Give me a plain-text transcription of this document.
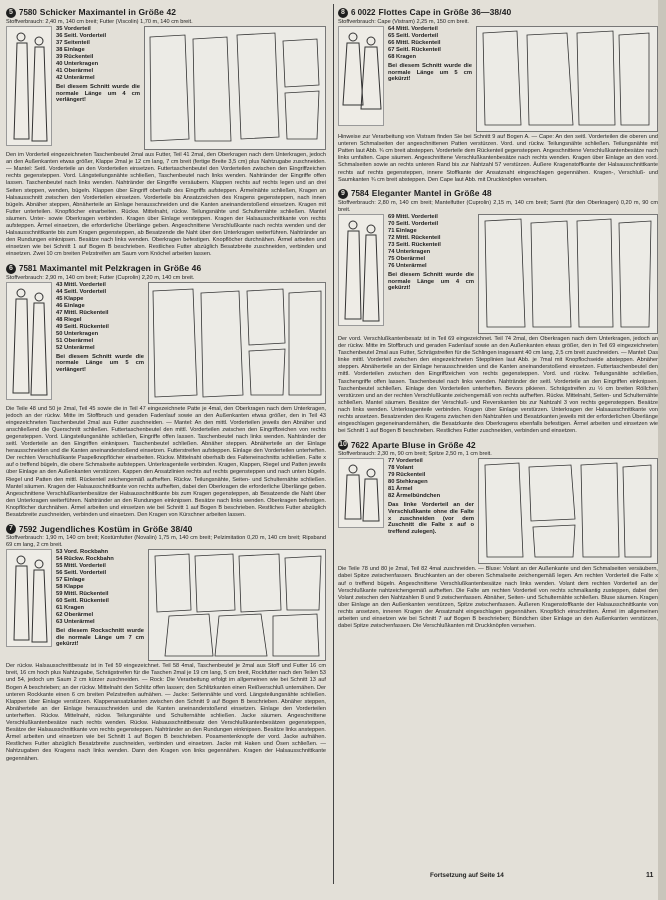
5 7580 Schicker Maximantel in Größe 42
Stoffverbrauch: 2,40 m, 140 cm breit; Futter (Viscolin) 1,70 m, 140 cm breit.
35 Vorderteil
36 Seitl. Vorderteil
37 Seitenteil
38 Einlage
39 Rückenteil
40 Unterkragen
41 Oberärmel
42 Unterärmel
Bei diesem Schnitt wurde die normale Länge um 4 cm verlängert!
Den im Vorderteil eingezeichneten Taschenbeutel 2mal aus Futter, Teil 41 2mal, den Oberkragen nach dem Unterkragen, jedoch an den Außenkanten etwas größer, Klappe 2mal je 12 cm lang, 7 cm breit (fertige Breite 3,5 cm) plus Nahtzugabe zuschneiden. — Mantel: Seitl. Vorderteile an den Vorderteilen einsetzen. Futtertaschenbeutel den Vorderteilen zwischen den Eingriffzeichen rechts gegensteppen. Vord. Längsteilungsnähte schließen, Taschenbeutel nach links wenden. Nahtränder der Eingriffe offen lassen. Taschenbeutel nach links wenden. Nahtränder der Eingriffe versäubern. Klappen rechts auf rechts legen und an drei Seiten steppen, wenden, bügeln. Klappen über Eingriff oberhalb des Eingriffs aufsteppen. Ärmelnähte schließen, Kragen an Halsausschnitt zwischen den Vorderteilen einsetzen. Vorderteile bis Ansatzzeichen des Kragens gegensteppen, nach innen bügeln. Abnäher steppen, Abnäherteile an Einlage herausschneiden und die Kanten aneinanderstoßend einsetzen. Kragen mit Futter unterteilen. Knopflöcher einarbeiten. Rückw. Mittelnaht, rückw. Teilungsnähte und Schulternähte schließen. Mantel säumen. Unter- sowie Oberkragen verbinden. Kragen über Einlage versteppen. Kragen der Halsausschnittkante von rechts aufsteppen. Ärmel einsetzen, die erforderliche Überlänge geben. Angeschnittene Verschlußkante nach rechts wenden und der Halsausschnittkante bis zum Kragen gegensteppen, ab Besatzende die Naht über den Unterkragen weiterführen. Nahtränder an den Rundungen einknipsen. Besätze nach links wenden. Oberkragen befestigen. Knopflöcher durchnähen. Ärmel arbeiten und einsetzen wie bei Schnitt 1 auf Bogen B beschrieben. Restliches Futter abzüglich Besatzbreite zuschneiden, verbinden und einsetzen. Zwei 10 cm breiten Pelzstreifen am Saum vom Knöchel arbeiten lassen.
6 7581 Maximantel mit Pelzkragen in Größe 46
Stoffverbrauch: 2,90 m, 140 cm breit; Futter (Cuprolin) 2,20 m, 140 cm breit.
43 Mittl. Vorderteil
44 Seitl. Vorderteil
45 Klappe
46 Einlage
47 Mittl. Rückenteil
48 Riegel
49 Seitl. Rückenteil
50 Unterkragen
51 Oberärmel
52 Unterärmel
Bei diesem Schnitt wurde die normale Länge um 5 cm verlängert!
Die Teile 48 und 50 je 2mal, Teil 45 sowie die in Teil 47 eingezeichnete Patte je 4mal, den Oberkragen nach dem Unterkragen, jedoch an der rückw. Mitte im Stoffbruch und geraden Fadenlauf sowie an den Außenkanten etwas größer, den in Teil 43 eingezeichneten Taschenbeutel 2mal aus Futter zuschneiden. — Mantel: An den mittl. Vorderteilen jeweils den Abnäher und anschließend die Querschnitt schließen. Futtertaschenbeutel den mittl. Vorderteilen zwischen den Eingriffzeichen von rechts gegensteppen. Vord. Längsteilungsnähte schließen, Eingriffe offen lassen. Taschenbeutel nach links wenden. Nahtränder der seitl. Vorderteile an den Eingriffen einknipsen. Taschenbeutel schließen. Abnäher steppen. Abnäherteile an der Einlage herausschneiden und die Kanten aneinanderstoßend einsetzen. Futterstreifen aufsteppen. Einlage den Vorderteilen unterheften. Der rechten Verschlußkante Paspelknopflöcher einarbeiten. Rückw. Mittelnaht oberhalb des Falteneinschnitts schließen. Falte x auf o treffend bügeln, die obere Schmalseite aufsteppen. Unterkragenteile verbinden. Kragen, Klappen, Riegel und Patten jeweils über Einlage an den Außenkanten verstürzen. Kappen den Ansatzlinien rechts auf rechts gegensteppen und nach unten bügeln. Riegel und Patten den mittl. Rückenteil zeichengemäß aufheften. Rückw. Teilungsnähte, Seiten- und Schulternähte schließen. Mantel säumen. Kragen der Halsausschnittkante von rechts aufheften, dabei den Oberkragen die erforderliche Überlänge geben. Angeschnittene Verschlußkantenbesätze der Halsausschnittkante bis zum Kragen gegensteppen, ab Besatzende die Naht über den Unterkragen weiterführen. Nahtränder an den Rundungen einknipsen. Besätze nach links wenden. Oberkragen befestigen. Knopflöcher durchnähen. Ärmel arbeiten und einsetzen wie bei Schnitt 1 auf Bogen B beschrieben. Restliches Futter abzüglich Besatzbreite zuschneiden, verbinden und einsetzen. Den Kragen von Kürschner arbeiten lassen.
7 7592 Jugendliches Kostüm in Größe 38/40
Stoffverbrauch: 1,90 m, 140 cm breit; Kostümfutter (Novalin) 1,75 m, 140 cm breit; Pelzimitation 0,20 m, 140 cm breit; Ripsband 69 cm lang, 2 cm breit.
53 Vord. Rockbahn
54 Rückw. Rockbahn
55 Mittl. Vorderteil
56 Seitl. Vorderteil
57 Einlage
58 Klappe
59 Mittl. Rückenteil
60 Seitl. Rückenteil
61 Kragen
62 Oberärmel
63 Unterärmel
Bei diesem Rockschnitt wurde die normale Länge um 7 cm gekürzt!
Der rückw. Halsausschnittbesatz ist in Teil 59 eingezeichnet. Teil 58 4mal, Taschenbeutel je 2mal aus Stoff und Futter 16 cm breit, 16 cm hoch plus Nahtzugabe, Schrägstreifen für die Taschen 2mal je 19 cm lang, 5 cm breit, Rockfutter nach den Teilen 53 und 54, jedoch um Saum 2 cm kürzer zuschneiden. — Rock: Die Verarbeitung erfolgt im allgemeinen wie bei Schnitt 13 auf Bogen A beschrieben; an der rückw. Mittelnaht den Schlitz offen lassen; den Schlitzkanten einen Reißverschluß unternähen. Der unteren Rockkante einen 6 cm breiten Pelzstreifen aufnähen. — Jacke: Seitennähte und vord. Längsteilungsnähte schließen. Klappen über Einlage verstürzen. Klappenansatzkanten zwischen den Schnitt 9 auf Bogen B beschrieben. Abnäher steppen, Abnäherteile an der Einlage herausschneiden und die Kanten aneinanderstoßend einsetzen. Einlage den Vorderteilen unterheften. Rückw. Mittelnaht, rückw. Teilungsnähte und Schulternähte schließen. Jacke säumen. Angeschnittene Verschlußkantenbesätze nach rechts wenden. Rückw. Halsausschnittbesatz den Verschlußkantenbesätzen gegensteppen, Besätze der Halsausschnittkante von rechts gegensteppen. Nahtränder an den Rundungen einknipsen. Besätze links ansteppen. Ärmel arbeiten und einsetzen wie bei Schnitt 1 auf Bogen B beschrieben. Posamentenknopfe der vord. Jacke aufnähen. Restliches Futter abzüglich Besatzbreite zuschneiden, verbinden und einsetzen. Jacke mit Haken und Ösen schließen. — Nahtzugaben des Kragens nach links wenden. Dann den Kragen von links gegennähen. Kragen der Halsausschnittkante gegennähen.
8 6 0022 Flottes Cape in Größe 36—38/40
Stoffverbrauch: Cape (Vistram) 2,25 m, 150 cm breit.
64 Mittl. Vorderteil
65 Seitl. Vorderteil
66 Mittl. Rückenteil
67 Seitl. Rückenteil
68 Kragen
Bei diesem Schnitt wurde die normale Länge um 5 cm gekürzt!
Hinweise zur Verarbeitung von Vistram finden Sie bei Schnitt 9 auf Bogen A. — Cape: An den seitl. Vorderteilen die oberen und unteren Schmalseiten der angeschnittenen Patten verstürzen. Vord. und rückw. Teilungsnähte schließen. Teilungsnähte mit Patten laut Abb. ¾ cm breit absteppen. Vorderteile dem Rückenteil gegensteppen. Angeschnittene Verschlußkantenbesätze nach links umfalten. Cape säumen. Angeschnittene Verschlußkantenbesätze nach rechts wenden. Kragen über Einlage an den vord. Schmalseiten sowie an rechts unteren Rand bis zur Nahtzahl 57 verstürzen. Äußere Kragenstoffkante der Halsausschnittkante rechts auf rechts gegensteppen, innere Stoffkante der Ansatznaht eingeschlagen gegennähen. Kragen-, Verschluß- und Saumkanten ¾ cm breit absteppen. Den Cape laut Abb. mit Druckknöpfen versehen.
9 7584 Eleganter Mantel in Größe 48
Stoffverbrauch: 2,80 m, 140 cm breit; Mantelfutter (Cuprolin) 2,15 m, 140 cm breit; Samt (für den Oberkragen) 0,20 m, 90 cm breit.
69 Mittl. Vorderteil
70 Seitl. Vorderteil
71 Einlage
72 Mittl. Rückenteil
73 Seitl. Rückenteil
74 Unterkragen
75 Oberärmel
76 Unterärmel
Bei diesem Schnitt wurde die normale Länge um 4 cm gekürzt!
Der vord. Verschlußkantenbesatz ist in Teil 69 eingezeichnet. Teil 74 2mal, den Oberkragen nach dem Unterkragen, jedoch an der rückw. Mitte im Stoffbruch und geraden Fadenlauf sowie an den Außenkanten etwas größer, den in Teil 69 eingezeichneten Taschenbeutel 2mal aus Futter, Schrägstreifen für die Schlingen insgesamt 40 cm lang, 2,5 cm breit zuschneiden. — Mantel: Das linke mittl. Vorderteil zwischen den eingezeichneten Stepplinien laut Abb. je 7mal mit Knopflochseide absteppen. Abnäher steppen. Abnäherteile an der Einlage herausschneiden und die Kanten aneinanderstoßend einsetzen. Futtertaschenbeutel den mittl. Vorderteilen zwischen den Eingriffzeichen von rechts gegensteppen. Vord. und rückw. Teilungsnähte schließen, Taschengriffe offen lassen. Taschenbeutel nach links wenden. Nahtränder der seitl. Vorderteile an den Eingriffen einknipsen. Taschenbeutel schließen. Einlage den Vorderteilen unterheften. Bevors pikieren. Schrägstreifen zu ½ cm breiten Röllchen verstürzen und an der rechten Verschlußkante zeichengemäß von rechts aufheften. Rückw. Mittelnaht, Seiten- und Schulternähte schließen. Mantel säumen. Besätze der Verschluß- und Reverskanten bis zur Nahtzahl 3 von rechts gegensteppen. Besätze nach links wenden. Unterkragenteile verbinden. Kragen über Einlage verstürzen. Unterkragen der Halsausschnittkante von rechts ansetzen. Besatzenden des Kragens zwischen den Nahtzahlen und Besatzkanten jeweils mit der erforderlichen Überlänge eingeschlagen gegeneinandernähen, die Besatzkante des Oberkragens ebenfalls befestigen. Ärmel arbeiten und einsetzen wie bei Schnitt 1 auf Bogen B beschrieben. Restliches Futter zuschneiden, verbinden und einsetzen.
10 7622 Aparte Bluse in Größe 42
Stoffverbrauch: 2,30 m, 90 cm breit; Spitze 2,50 m, 1 cm breit.
77 Vorderteil
78 Volant
79 Rückenteil
80 Stehkragen
81 Ärmel
82 Ärmelbündchen
Das linke Vorderteil an der Verschlußkante ohne die Falte x zuschneiden (vor dem Zuschnitt die Falte x auf o treffend zulegen).
Die Teile 78 und 80 je 2mal, Teil 82 4mal zuschneiden. — Bluse: Volant an der Außenkante und den Schmalseiten versäubern, dabei Spitze zwischenfassen. Bruchkanten an der oberen Schmalseite zeichengemäß legen. Am rechten Vorderteil die Falte x auf o treffend bügeln. Angeschnittene Verschlußkantenbesätze nach links wenden. Volant dem rechten Vorderteil an der Verschlußkante nahtzeichengemäß aufheften. Die Falte am rechten Vorderteil von rechts schmalkantig zusteppen, dabei den Volant zwischen den Nahtzahlen 8 und 9 zwischenfassen. Abnäher, Seiten- und Schulternähte schließen. Bluse säumen. Kragen über Einlage an den Außenkanten verstürzen, Spitze zwischenfassen. Äußeren Kragenstoffkante der Halsausschnittkante von rechts ansetzen, inneren Kragen der Ansatznaht eingeschlagen gegennähen. Knopflöch einschnitten. Ärmel im allgemeinen arbeiten und einsetzen wie bei Schnitt 7 auf Bogen B beschrieben; Bündchen über Einlage an den Außenkanten verstürzen, dabei Spitze zwischenfassen. Die Verschlußkanten mit Druckknöpfen versehen.
Fortsetzung auf Seite 14	11
